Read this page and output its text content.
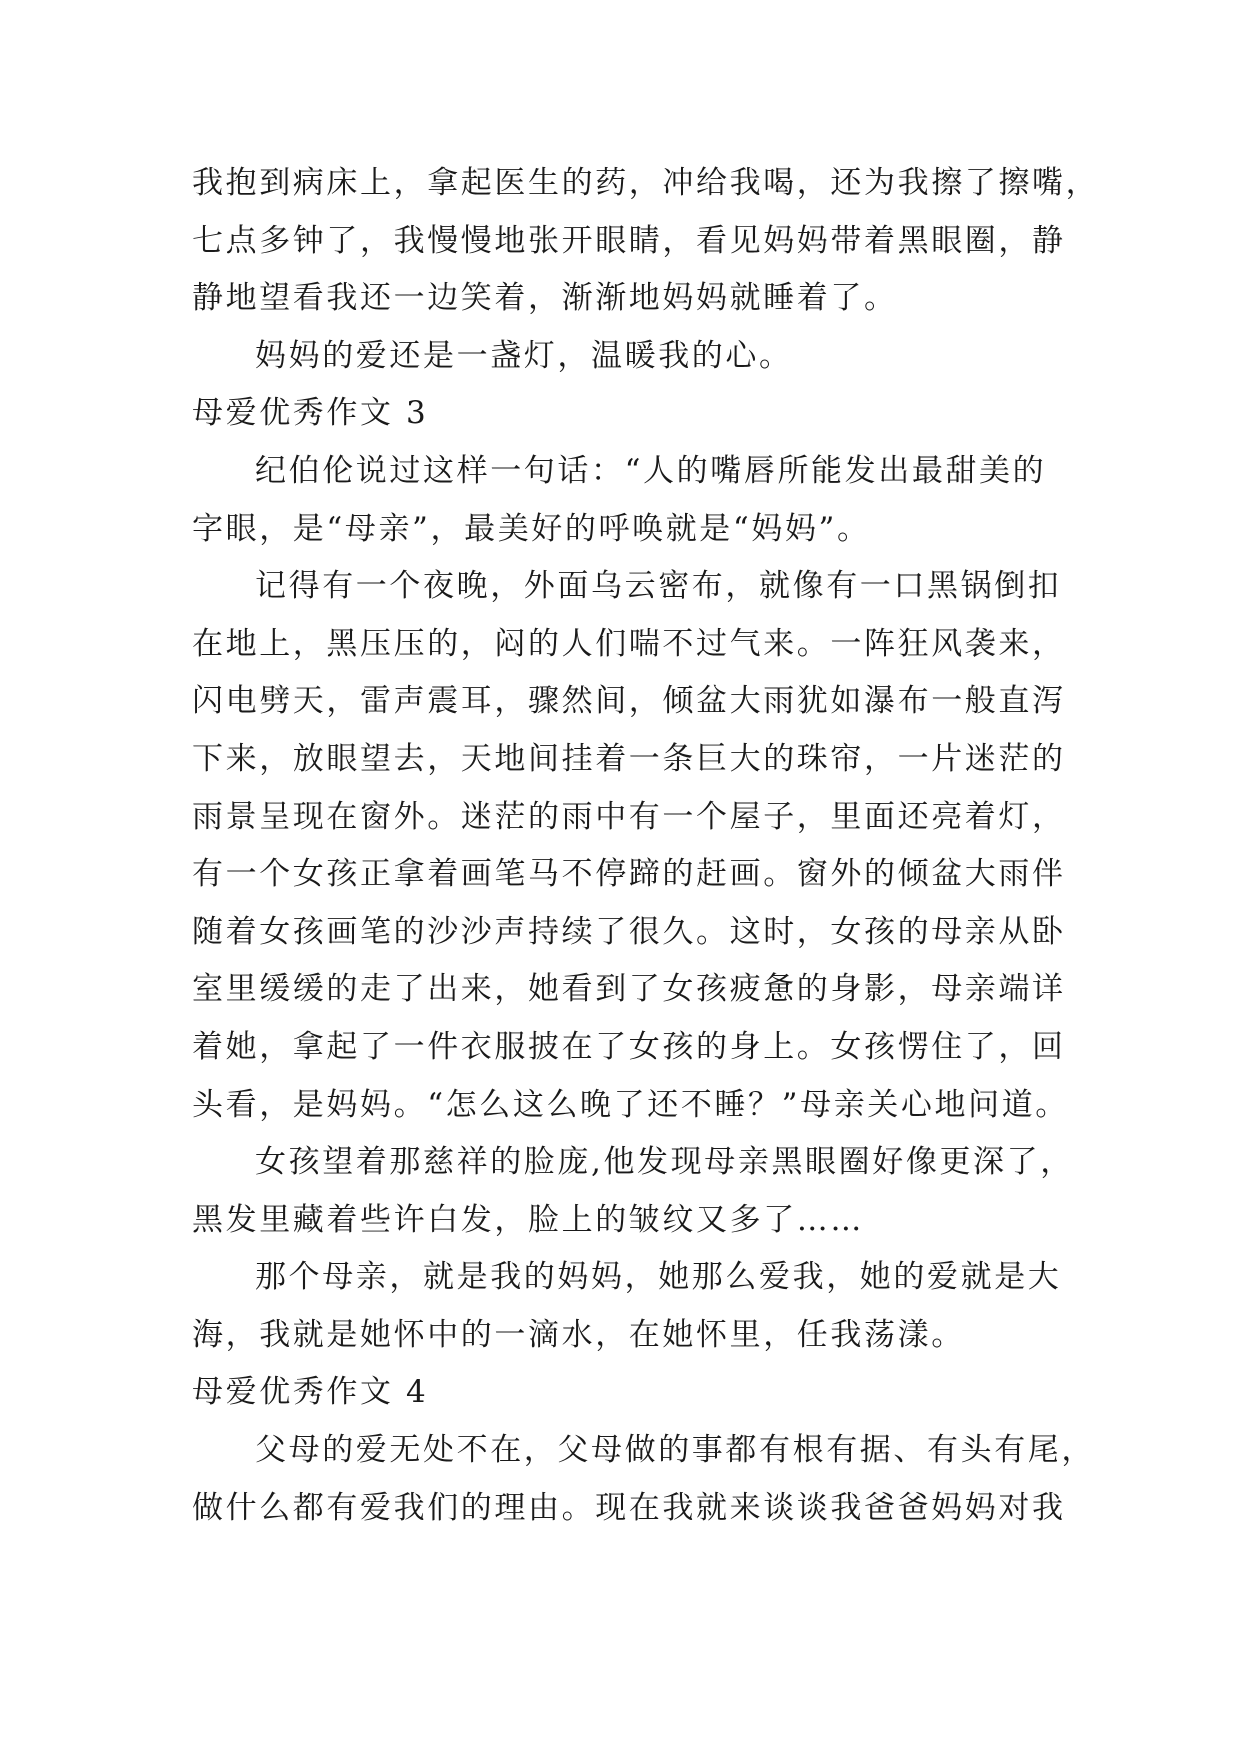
我抱到病床上，拿起医生的药，冲给我喝，还为我擦了擦嘴，
七点多钟了，我慢慢地张开眼睛，看见妈妈带着黑眼圈，静
静地望看我还一边笑着，渐渐地妈妈就睡着了。
妈妈的爱还是一盏灯，温暖我的心。
母爱优秀作文 3
纪伯伦说过这样一句话：“人的嘴唇所能发出最甜美的
字眼，是“母亲”，最美好的呼唤就是“妈妈”。
记得有一个夜晚，外面乌云密布，就像有一口黑锅倒扣
在地上，黑压压的，闷的人们喘不过气来。一阵狂风袭来，
闪电劈天，雷声震耳，骤然间，倾盆大雨犹如瀑布一般直泻
下来，放眼望去，天地间挂着一条巨大的珠帘，一片迷茫的
雨景呈现在窗外。迷茫的雨中有一个屋子，里面还亮着灯，
有一个女孩正拿着画笔马不停蹄的赶画。窗外的倾盆大雨伴
随着女孩画笔的沙沙声持续了很久。这时，女孩的母亲从卧
室里缓缓的走了出来，她看到了女孩疲惫的身影，母亲端详
着她，拿起了一件衣服披在了女孩的身上。女孩愣住了，回
头看，是妈妈。“怎么这么晚了还不睡？”母亲关心地问道。
女孩望着那慈祥的脸庞,他发现母亲黑眼圈好像更深了，
黑发里藏着些许白发，脸上的皱纹又多了……
那个母亲，就是我的妈妈，她那么爱我，她的爱就是大
海，我就是她怀中的一滴水，在她怀里，任我荡漾。
母爱优秀作文 4
父母的爱无处不在，父母做的事都有根有据、有头有尾，
做什么都有爱我们的理由。现在我就来谈谈我爸爸妈妈对我
